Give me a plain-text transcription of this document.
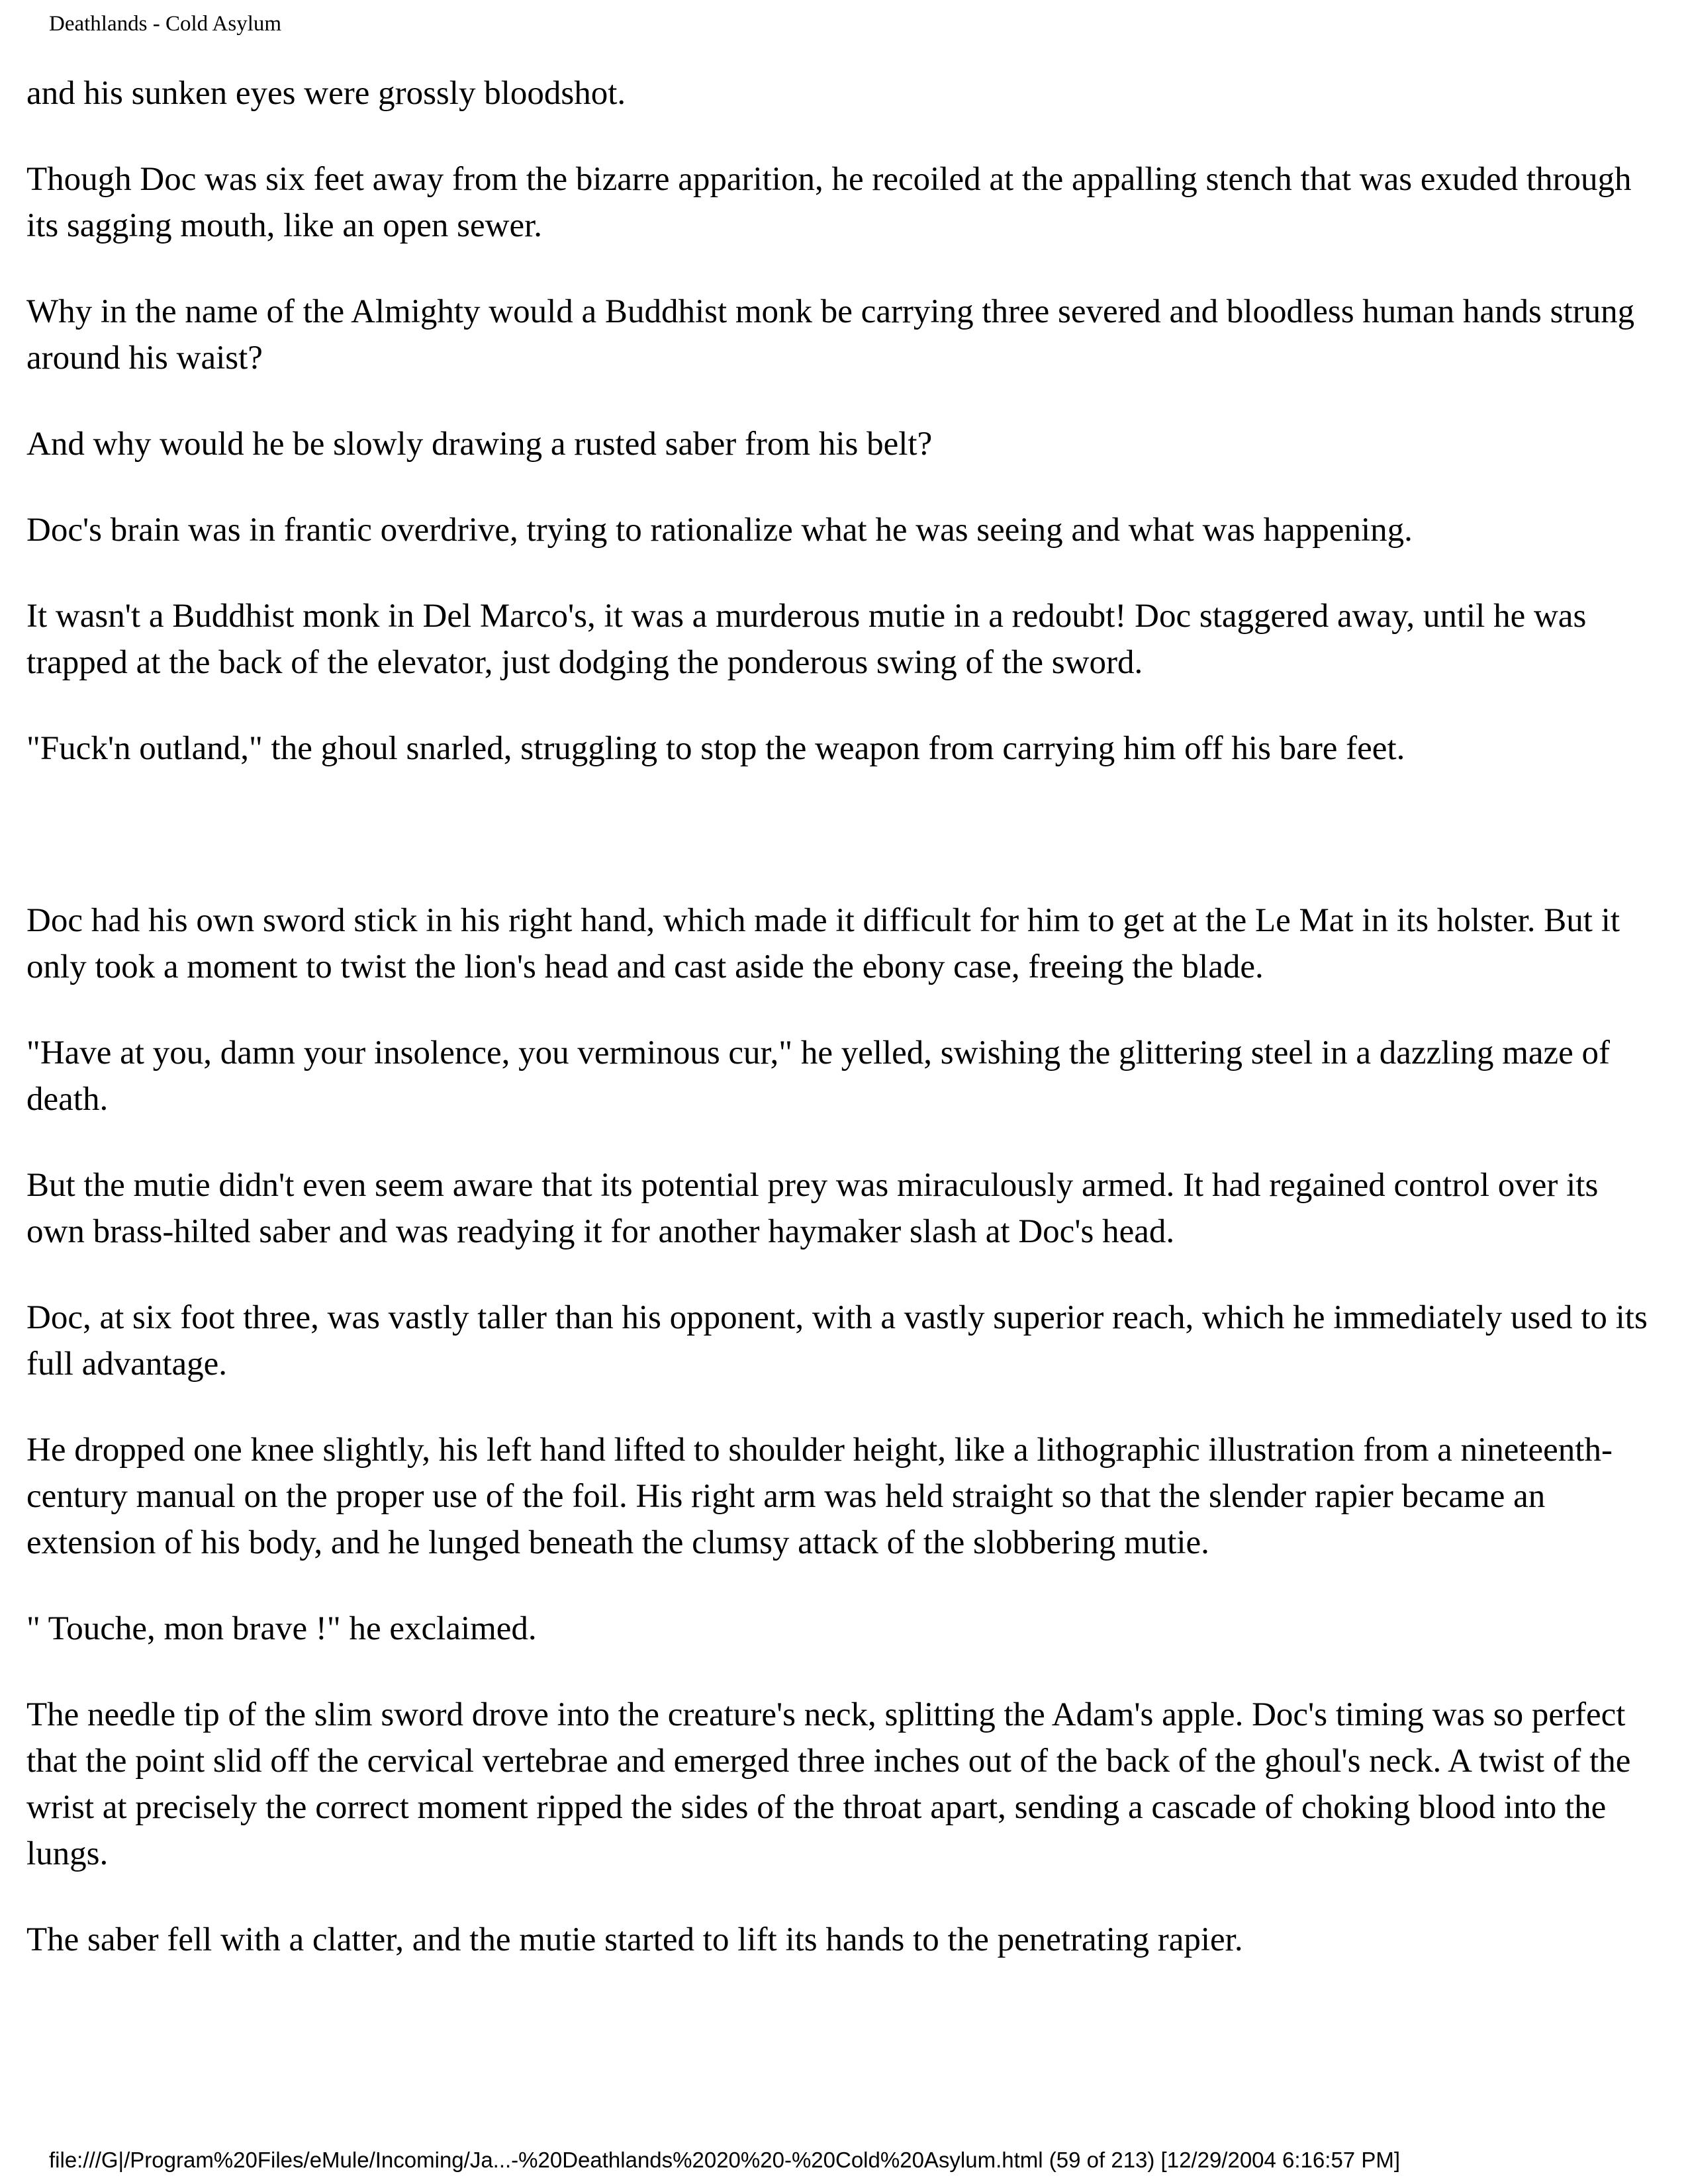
Deathlands - Cold Asylum

and his sunken eyes were grossly bloodshot.

Though Doc was six feet away from the bizarre apparition, he recoiled at the appalling stench that was exuded through its sagging mouth, like an open sewer.

Why in the name of the Almighty would a Buddhist monk be carrying three severed and bloodless human hands strung around his waist?

And why would he be slowly drawing a rusted saber from his belt?

Doc's brain was in frantic overdrive, trying to rationalize what he was seeing and what was happening.

It wasn't a Buddhist monk in Del Marco's, it was a murderous mutie in a redoubt! Doc staggered away, until he was trapped at the back of the elevator, just dodging the ponderous swing of the sword.

"Fuck'n outland," the ghoul snarled, struggling to stop the weapon from carrying him off his bare feet.

Doc had his own sword stick in his right hand, which made it difficult for him to get at the Le Mat in its holster. But it only took a moment to twist the lion's head and cast aside the ebony case, freeing the blade.

"Have at you, damn your insolence, you verminous cur," he yelled, swishing the glittering steel in a dazzling maze of death.

But the mutie didn't even seem aware that its potential prey was miraculously armed. It had regained control over its own brass-hilted saber and was readying it for another haymaker slash at Doc's head.

Doc, at six foot three, was vastly taller than his opponent, with a vastly superior reach, which he immediately used to its full advantage.

He dropped one knee slightly, his left hand lifted to shoulder height, like a lithographic illustration from a nineteenth-century manual on the proper use of the foil. His right arm was held straight so that the slender rapier became an extension of his body, and he lunged beneath the clumsy attack of the slobbering mutie.

" Touche, mon brave !" he exclaimed.

The needle tip of the slim sword drove into the creature's neck, splitting the Adam's apple. Doc's timing was so perfect that the point slid off the cervical vertebrae and emerged three inches out of the back of the ghoul's neck. A twist of the wrist at precisely the correct moment ripped the sides of the throat apart, sending a cascade of choking blood into the lungs.

The saber fell with a clatter, and the mutie started to lift its hands to the penetrating rapier.

file:///G|/Program%20Files/eMule/Incoming/Ja...-%20Deathlands%2020%20-%20Cold%20Asylum.html (59 of 213) [12/29/2004 6:16:57 PM]
